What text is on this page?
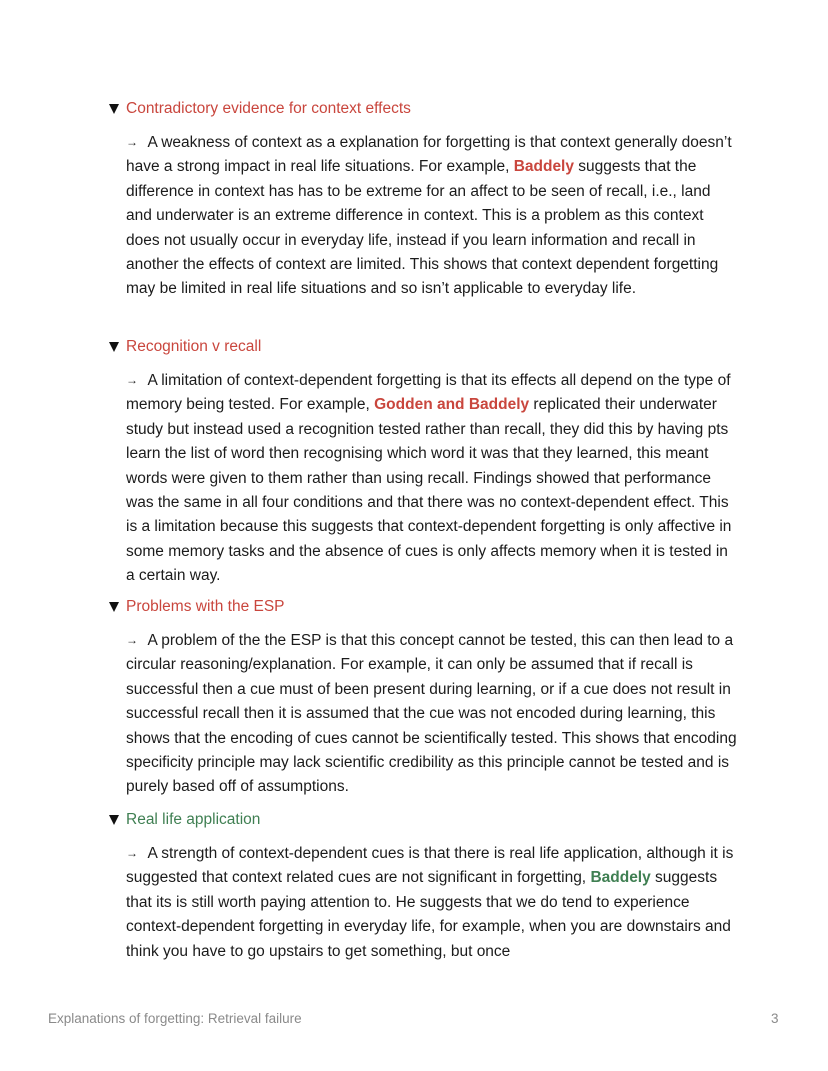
Contradictory evidence for context effects
→ A weakness of context as a explanation for forgetting is that context generally doesn’t have a strong impact in real life situations. For example, Baddely suggests that the difference in context has has to be extreme for an affect to be seen of recall, i.e., land and underwater is an extreme difference in context. This is a problem as this context does not usually occur in everyday life, instead if you learn information and recall in another the effects of context are limited. This shows that context dependent forgetting may be limited in real life situations and so isn’t applicable to everyday life.
Recognition v recall
→ A limitation of context-dependent forgetting is that its effects all depend on the type of memory being tested. For example, Godden and Baddely replicated their underwater study but instead used a recognition tested rather than recall, they did this by having pts learn the list of word then recognising which word it was that they learned, this meant words were given to them rather than using recall. Findings showed that performance was the same in all four conditions and that there was no context-dependent effect. This is a limitation because this suggests that context-dependent forgetting is only affective in some memory tasks and the absence of cues is only affects memory when it is tested in a certain way.
Problems with the ESP
→ A problem of the the ESP is that this concept cannot be tested, this can then lead to a circular reasoning/explanation. For example, it can only be assumed that if recall is successful then a cue must of been present during learning, or if a cue does not result in successful recall then it is assumed that the cue was not encoded during learning, this shows that the encoding of cues cannot be scientifically tested. This shows that encoding specificity principle may lack scientific credibility as this principle cannot be tested and is purely based off of assumptions.
Real life application
→ A strength of context-dependent cues is that there is real life application, although it is suggested that context related cues are not significant in forgetting, Baddely suggests that its is still worth paying attention to. He suggests that we do tend to experience context-dependent forgetting in everyday life, for example, when you are downstairs and think you have to go upstairs to get something, but once
Explanations of forgetting: Retrieval failure	3
